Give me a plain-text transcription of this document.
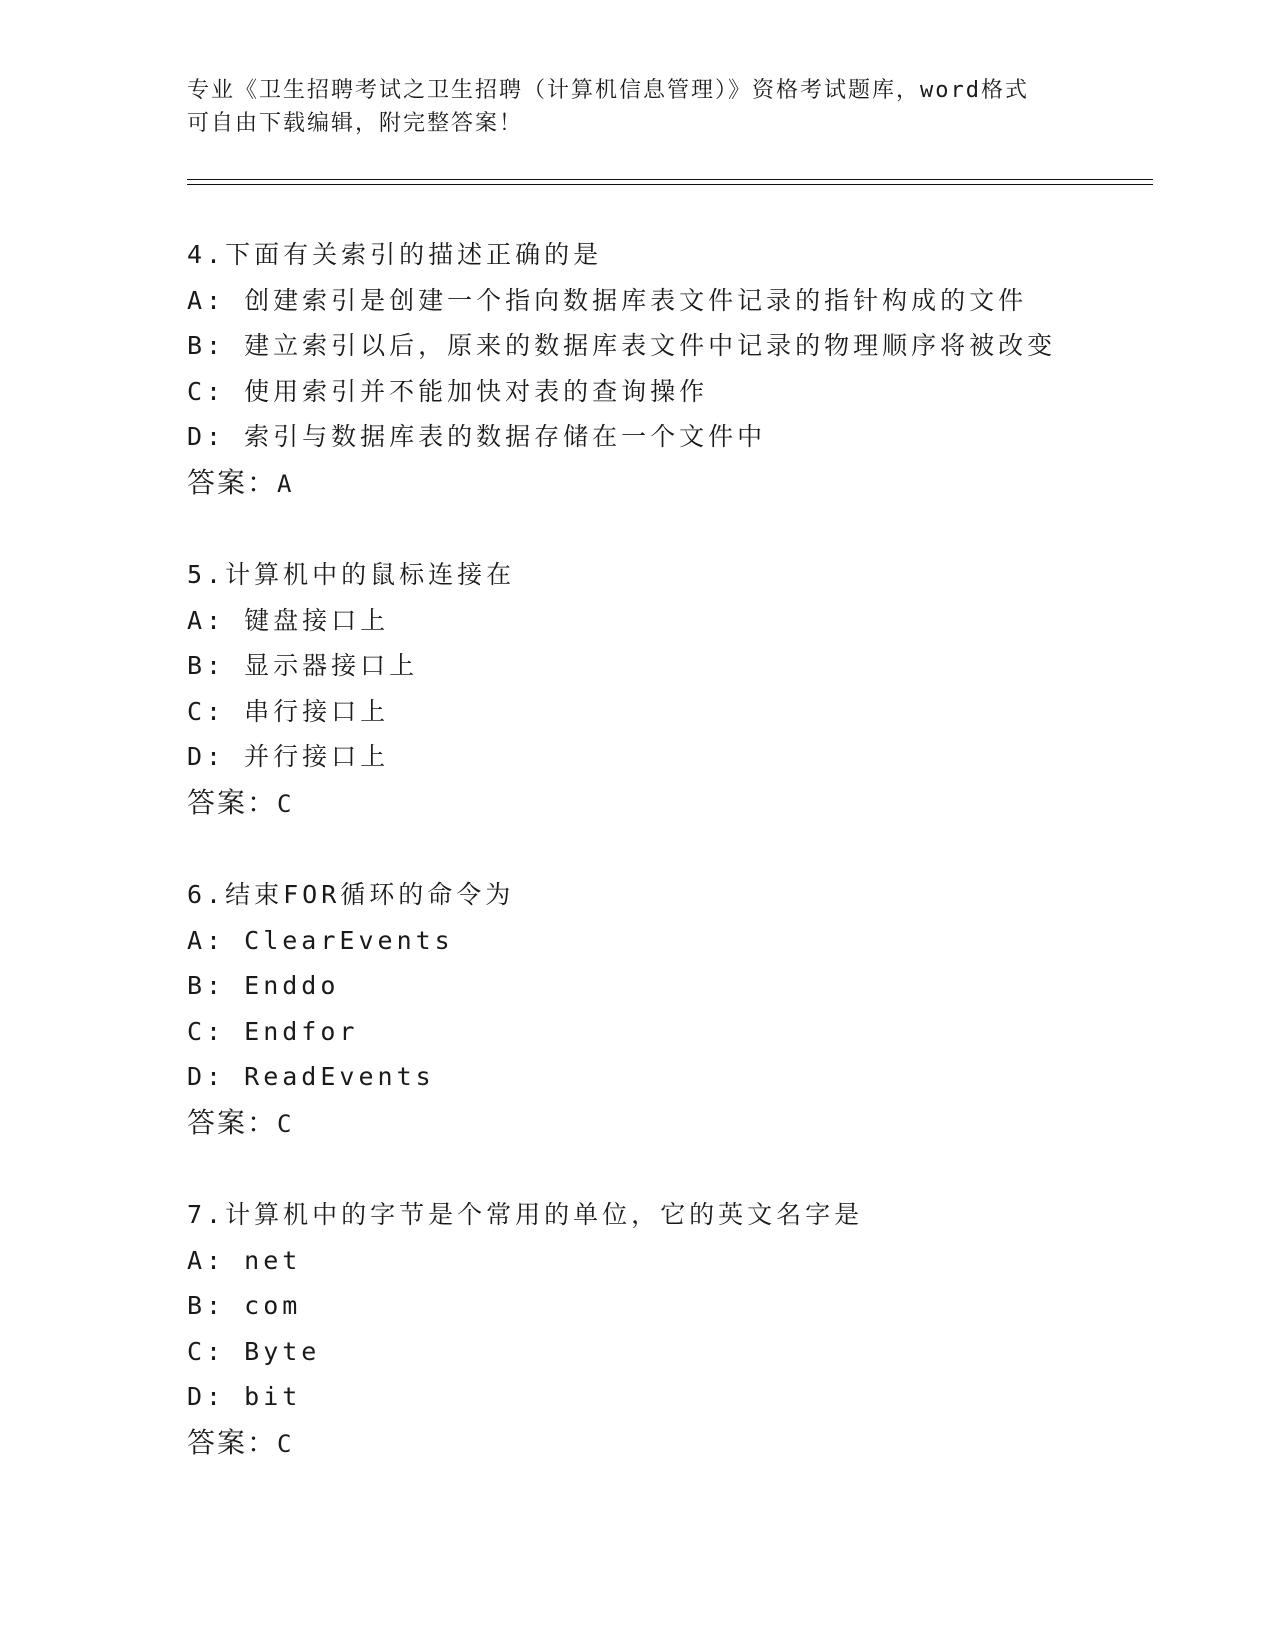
专业《卫生招聘考试之卫生招聘（计算机信息管理）》资格考试题库，word格式
可自由下载编辑，附完整答案！
4.下面有关索引的描述正确的是
A: 创建索引是创建一个指向数据库表文件记录的指针构成的文件
B: 建立索引以后，原来的数据库表文件中记录的物理顺序将被改变
C: 使用索引并不能加快对表的查询操作
D: 索引与数据库表的数据存储在一个文件中
答案：A
5.计算机中的鼠标连接在
A: 键盘接口上
B: 显示器接口上
C: 串行接口上
D: 并行接口上
答案：C
6.结束FOR循环的命令为
A: ClearEvents
B: Enddo
C: Endfor
D: ReadEvents
答案：C
7.计算机中的字节是个常用的单位，它的英文名字是
A: net
B: com
C: Byte
D: bit
答案：C
